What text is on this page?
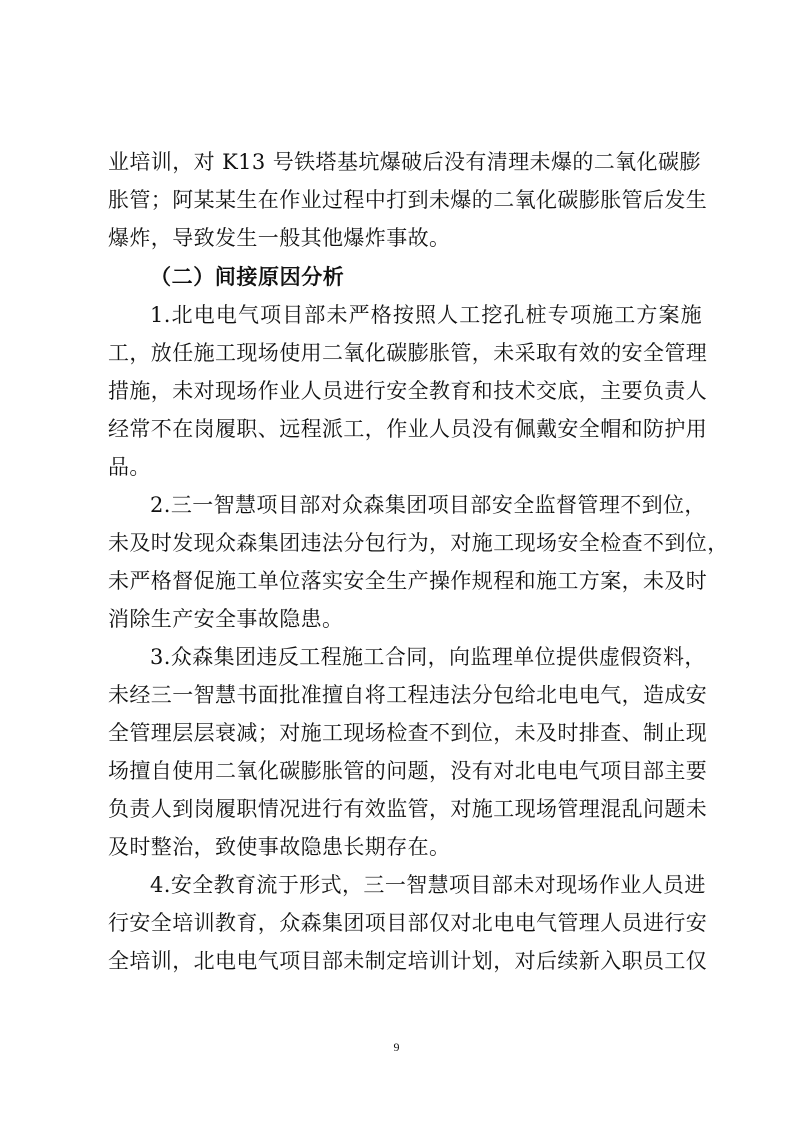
业培训，对 K13 号铁塔基坑爆破后没有清理未爆的二氧化碳膨
胀管；阿某某生在作业过程中打到未爆的二氧化碳膨胀管后发生
爆炸，导致发生一般其他爆炸事故。
（二）间接原因分析
1.北电电气项目部未严格按照人工挖孔桩专项施工方案施
工，放任施工现场使用二氧化碳膨胀管，未采取有效的安全管理
措施，未对现场作业人员进行安全教育和技术交底，主要负责人
经常不在岗履职、远程派工，作业人员没有佩戴安全帽和防护用
品。
2.三一智慧项目部对众森集团项目部安全监督管理不到位，
未及时发现众森集团违法分包行为，对施工现场安全检查不到位，
未严格督促施工单位落实安全生产操作规程和施工方案，未及时
消除生产安全事故隐患。
3.众森集团违反工程施工合同，向监理单位提供虚假资料，
未经三一智慧书面批准擅自将工程违法分包给北电电气，造成安
全管理层层衰减；对施工现场检查不到位，未及时排查、制止现
场擅自使用二氧化碳膨胀管的问题，没有对北电电气项目部主要
负责人到岗履职情况进行有效监管，对施工现场管理混乱问题未
及时整治，致使事故隐患长期存在。
4.安全教育流于形式，三一智慧项目部未对现场作业人员进
行安全培训教育，众森集团项目部仅对北电电气管理人员进行安
全培训，北电电气项目部未制定培训计划，对后续新入职员工仅
9
